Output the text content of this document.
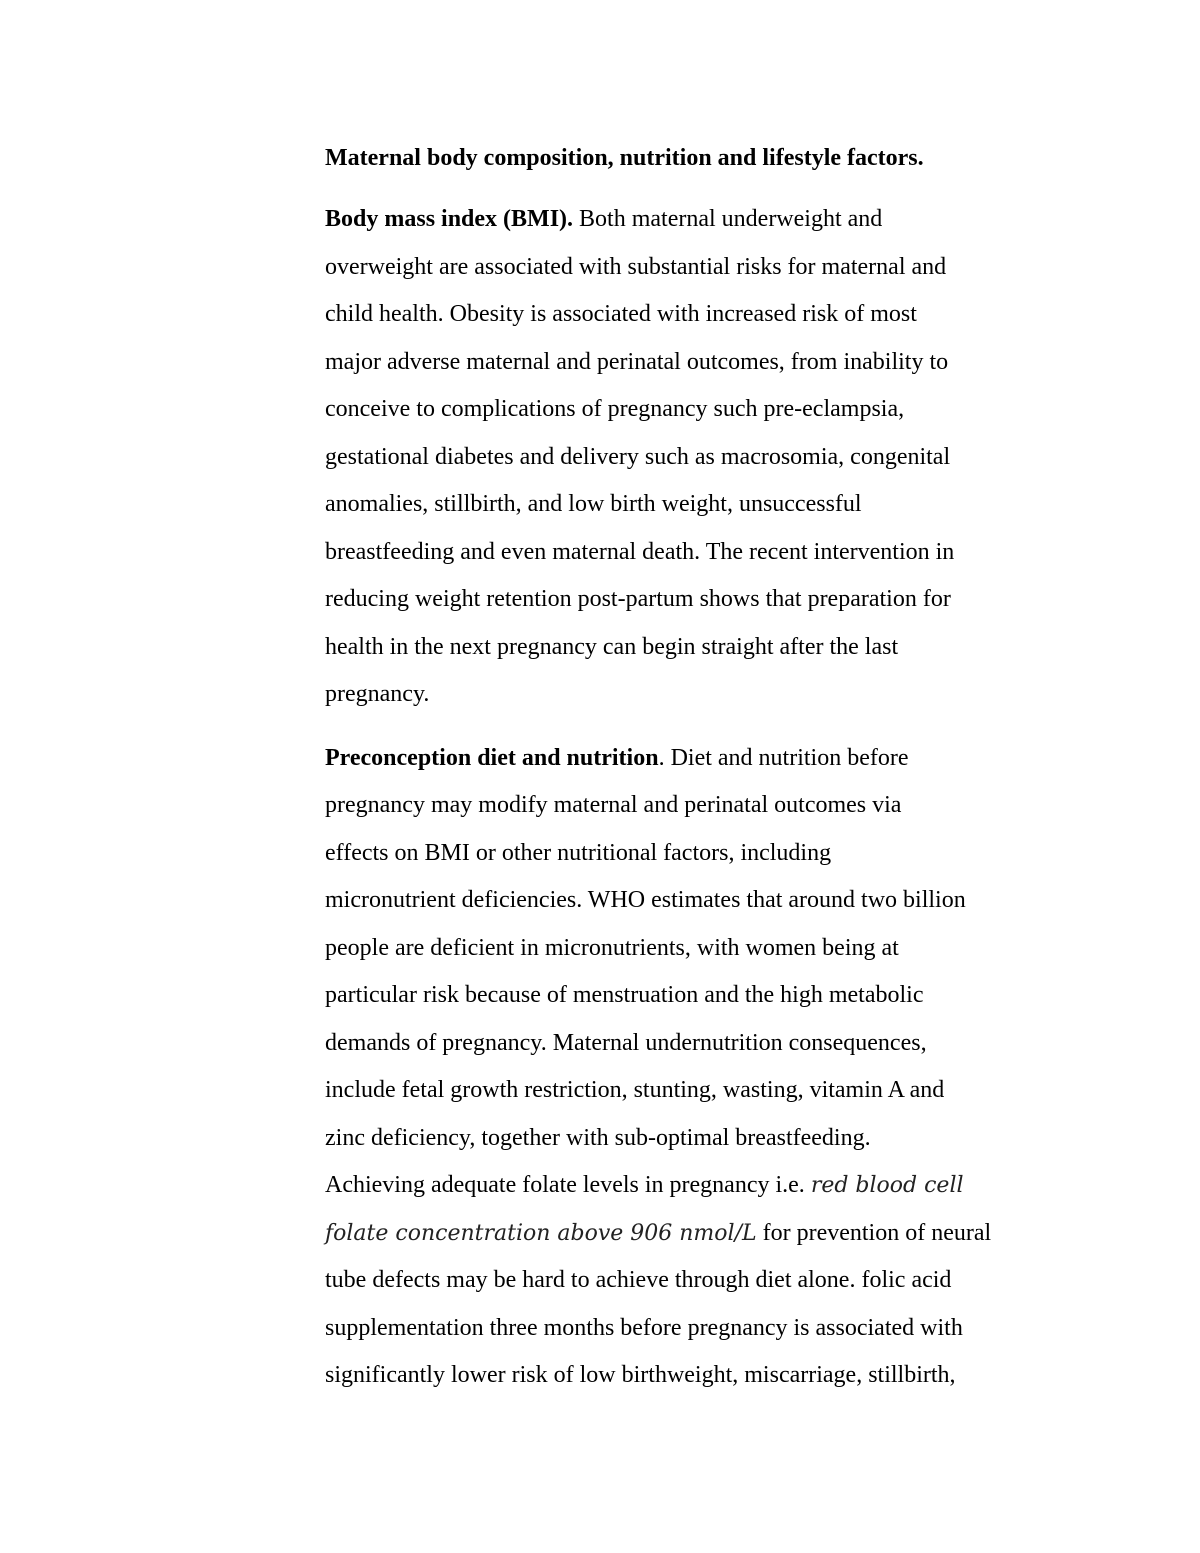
Maternal body composition, nutrition and lifestyle factors.
Body mass index (BMI). Both maternal underweight and
overweight are associated with substantial risks for maternal and
child health. Obesity is associated with increased risk of most
major adverse maternal and perinatal outcomes, from inability to
conceive to complications of pregnancy such pre-eclampsia,
gestational diabetes and delivery such as macrosomia, congenital
anomalies, stillbirth, and low birth weight, unsuccessful
breastfeeding and even maternal death. The recent intervention in
reducing weight retention post-partum shows that preparation for
health in the next pregnancy can begin straight after the last
pregnancy.
Preconception diet and nutrition. Diet and nutrition before
pregnancy may modify maternal and perinatal outcomes via
effects on BMI or other nutritional factors, including
micronutrient deficiencies. WHO estimates that around two billion
people are deficient in micronutrients, with women being at
particular risk because of menstruation and the high metabolic
demands of pregnancy. Maternal undernutrition consequences,
include fetal growth restriction, stunting, wasting, vitamin A and
zinc deficiency, together with sub-optimal breastfeeding.
Achieving adequate folate levels in pregnancy i.e. red blood cell
folate concentration above 906 nmol/L for prevention of neural
tube defects may be hard to achieve through diet alone. folic acid
supplementation three months before pregnancy is associated with
significantly lower risk of low birthweight, miscarriage, stillbirth,
